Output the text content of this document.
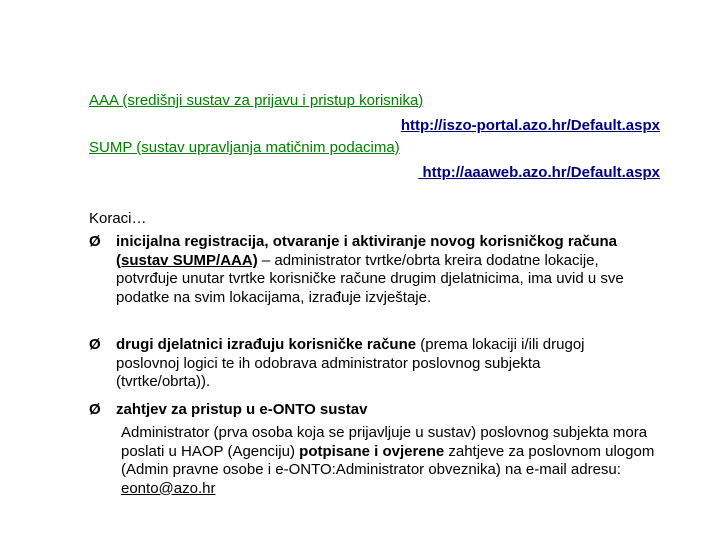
AAA (središnji sustav za prijavu i pristup korisnika)
http://iszo-portal.azo.hr/Default.aspx
SUMP (sustav upravljanja matičnim podacima)
http://aaaweb.azo.hr/Default.aspx
Koraci…
Ø inicijalna registracija, otvaranje i aktiviranje novog korisničkog računa (sustav SUMP/AAA) – administrator tvrtke/obrta kreira dodatne lokacije, potvrđuje unutar tvrtke korisničke račune drugim djelatnicima, ima uvid u sve podatke na svim lokacijama, izrađuje izvještaje.
Ø drugi djelatnici izrađuju korisničke račune (prema lokaciji i/ili drugoj poslovnoj logici te ih odobrava administrator poslovnog subjekta (tvrtke/obrta)).
Ø zahtjev za pristup u e-ONTO sustav
Administrator (prva osoba koja se prijavljuje u sustav) poslovnog subjekta mora poslati u HAOP (Agenciju) potpisane i ovjerene zahtjeve za poslovnom ulogom (Admin pravne osobe i e-ONTO:Administrator obveznika) na e-mail adresu: eonto@azo.hr
